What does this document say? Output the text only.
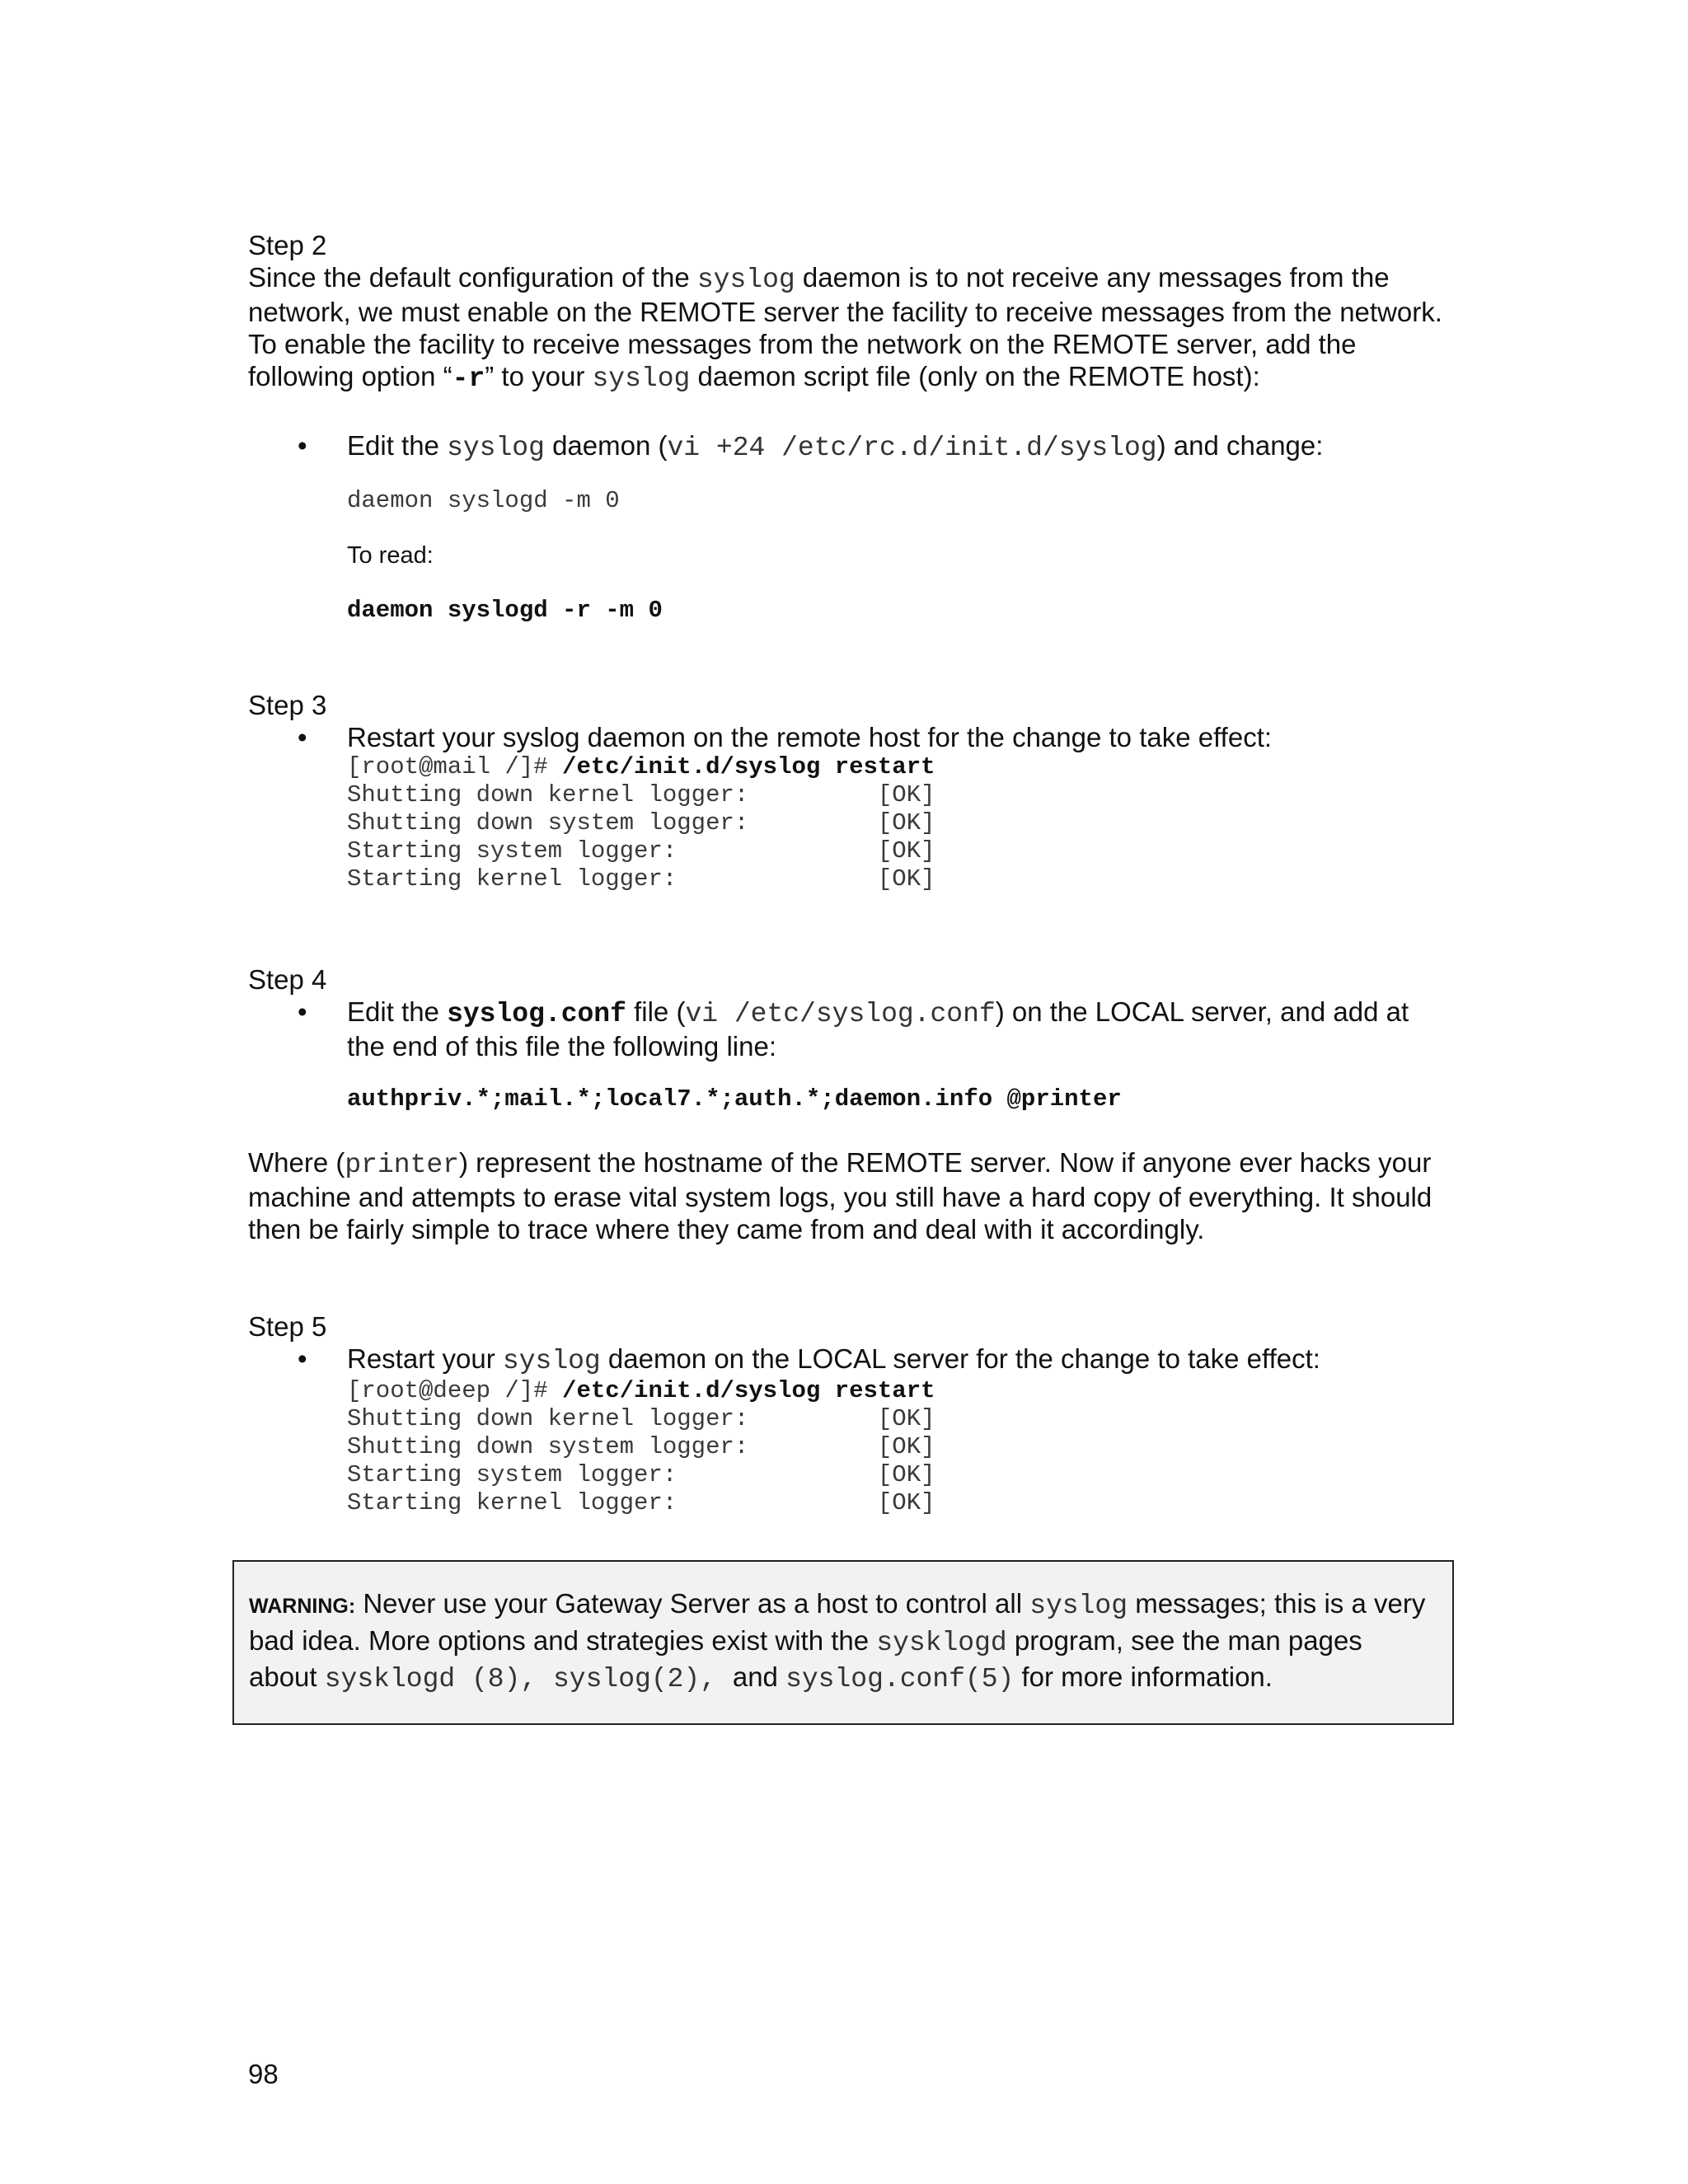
Step 2

Since the default configuration of the syslog daemon is to not receive any messages from the network, we must enable on the REMOTE server the facility to receive messages from the network. To enable the facility to receive messages from the network on the REMOTE server, add the following option “-r” to your syslog daemon script file (only on the REMOTE host):

• Edit the syslog daemon (vi +24 /etc/rc.d/init.d/syslog) and change:

daemon syslogd -m 0

To read:

daemon syslogd -r -m 0

Step 3

• Restart your syslog daemon on the remote host for the change to take effect:

[root@mail /]# /etc/init.d/syslog restart

Shutting down kernel logger:         [OK]

Shutting down system logger:         [OK]

Starting system logger:              [OK]

Starting kernel logger:              [OK]

Step 4

• Edit the syslog.conf file (vi /etc/syslog.conf) on the LOCAL server, and add at the end of this file the following line:

authpriv.*;mail.*;local7.*;auth.*;daemon.info @printer

Where (printer) represent the hostname of the REMOTE server. Now if anyone ever hacks your machine and attempts to erase vital system logs, you still have a hard copy of everything. It should then be fairly simple to trace where they came from and deal with it accordingly.

Step 5

• Restart your syslog daemon on the LOCAL server for the change to take effect:

[root@deep /]# /etc/init.d/syslog restart

Shutting down kernel logger:         [OK]

Shutting down system logger:         [OK]

Starting system logger:              [OK]

Starting kernel logger:              [OK]

WARNING: Never use your Gateway Server as a host to control all syslog messages; this is a very bad idea. More options and strategies exist with the sysklogd program, see the man pages about sysklogd (8), syslog(2), and syslog.conf(5) for more information.
98
